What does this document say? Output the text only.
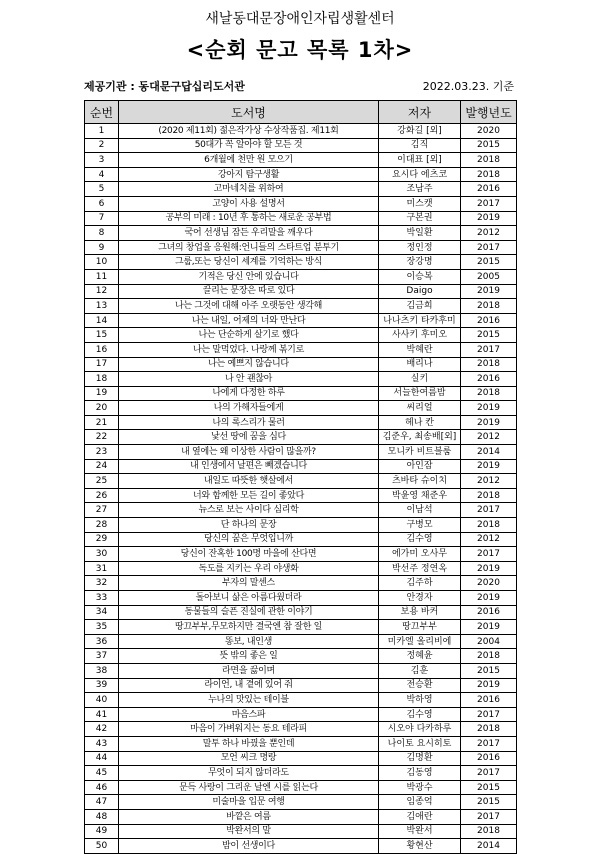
새날동대문장애인자립생활센터
<순회 문고 목록 1차>
제공기관 : 동대문구답십리도서관	2022.03.23. 기준
순번	도서명	저자	발행년도
1	(2020 제11회) 젊은작가상 수상작품집. 제11회	강화길 [외]	2020
2	50대가 꼭 알아야 할 모든 것	김직	2015
3	6개월에 천만 원 모으기	이대표 [외]	2018
4	강아지 탐구생활	요시다 에츠코	2018
5	고마네치를 위하여	조남주	2016
6	고양이 사용 설명서	미스캣	2017
7	공부의 미래 : 10년 후 통하는 새로운 공부법	구본권	2019
8	국어 선생님 잠든 우리말을 깨우다	박일환	2012
9	그녀의 창업을 응원해:언니들의 스타트업 분투기	정인정	2017
10	그룹,또는 당신이 세계를 기억하는 방식	장강명	2015
11	기적은 당신 안에 있습니다	이승복	2005
12	끌리는 문장은 따로 있다	Daigo	2019
13	나는 그것에 대해 아주 오랫동안 생각해	김금희	2018
14	나는 내일, 어제의 너와 만난다	나나츠키 타카후미	2016
15	나는 단순하게 살기로 했다	사사키 후미오	2015
16	나는 말먹었다. 나랑께 볶기로	박혜란	2017
17	나는 예쁘지 않습니다	배리나	2018
18	나 안 괜찮아	실키	2016
19	나에게 다정한 하루	서늘한여름밤	2018
20	나의 가해자들에게	씨리얼	2019
21	나의 록스리가 물러	헤나 칸	2019
22	낯선 땅에 꿈을 심다	김준우, 최송배[외]	2012
23	내 옆에는 왜 이상한 사람이 많을까?	모니카 비트블룸	2014
24	내 인생에서 날편은 빼겠습니다	아인잠	2019
25	내일도 따뜻한 햇살에서	츠바타 슈이치	2012
26	너와 함께한 모든 길이 좋았다	박윤영 채준우	2018
27	뉴스로 보는 사이다 심리학	이남석	2017
28	단 하나의 문장	구병모	2018
29	당신의 꿈은 무엇입니까	김수영	2012
30	당신이 잔혹한 100명 마을에 산다면	에가미 오사무	2017
31	독도를 지키는 우리 야생화	박선주 정연옥	2019
32	부자의 말센스	김주하	2020
33	돌아보니 삶은 아름다웠더라	안경자	2019
34	동물들의 슬픈 진실에 관한 이야기	보용 바커	2016
35	땅끄부부,무모하지만 결국엔 참 잘한 일	땅끄부부	2019
36	똥보, 내인생	미카엘 올리비에	2004
37	뜻 밖의 좋은 일	정혜윤	2018
38	라면을 끓이며	김훈	2015
39	라이언, 내 곁에 있어 줘	전승환	2019
40	누나의 맛있는 테이블	박하영	2016
41	마음스파	김수영	2017
42	마음이 가벼워지는 동요 테라피	시오야 다카하루	2018
43	말투 하나 바꿨을 뿐인데	나이토 요시히토	2017
44	모언 씨크 명랑	김명환	2016
45	무엇이 되지 않더라도	김동영	2017
46	문득 사랑이 그리운 날엔 시를 읽는다	박광수	2015
47	미술마을 입문 여행	임종억	2015
48	바깥은 여름	김애란	2017
49	박완서의 말	박완서	2018
50	밤이 선생이다	황현산	2014
